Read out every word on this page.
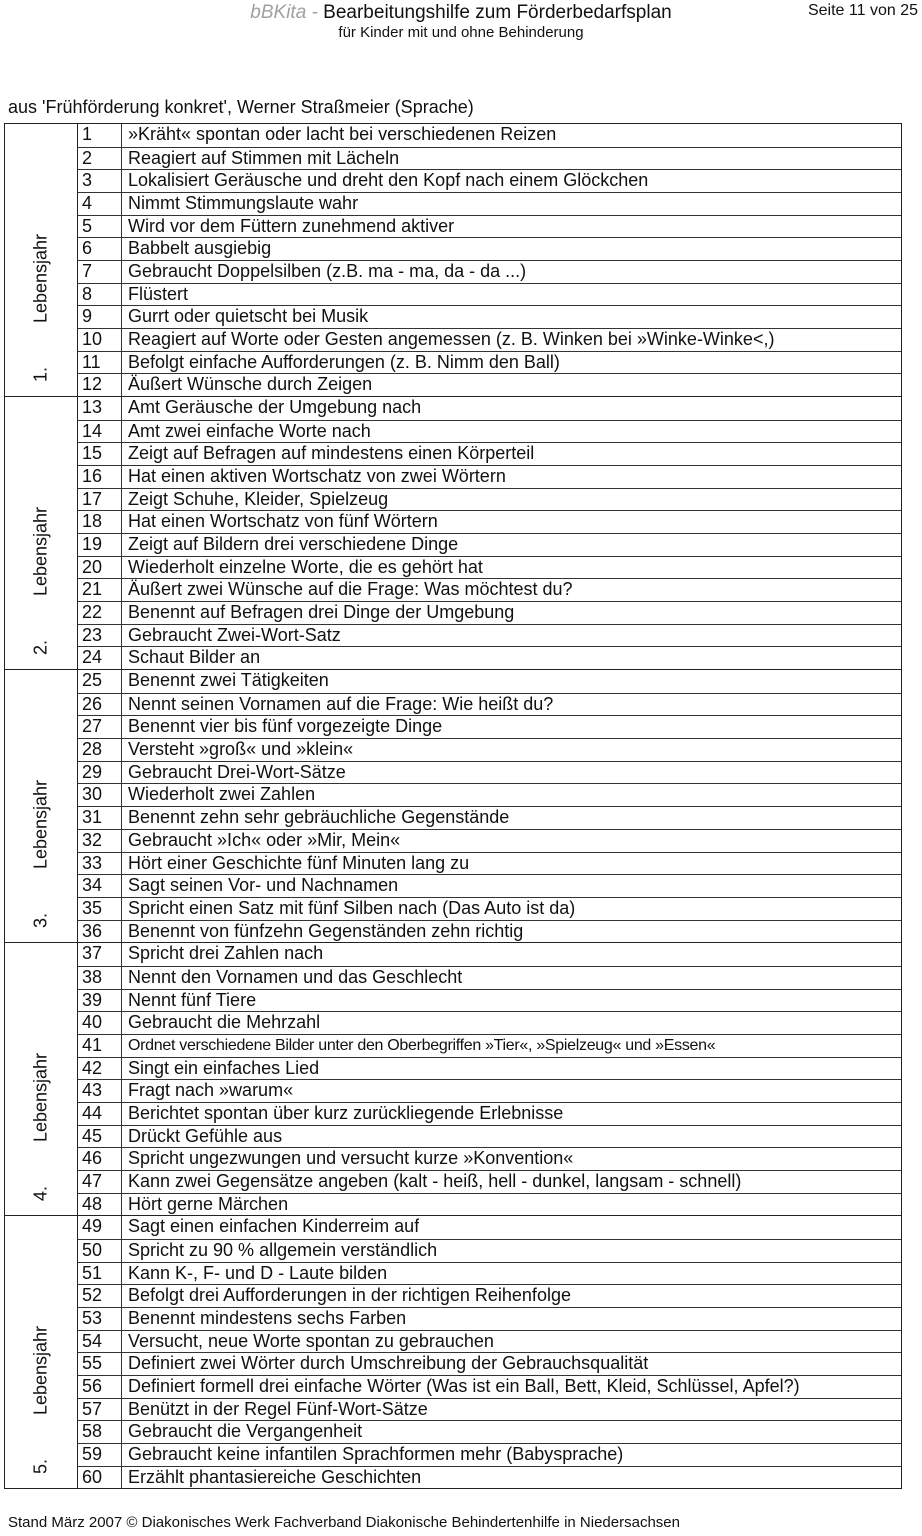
bBKita - Bearbeitungshilfe zum Förderbedarfsplan
für Kinder mit und ohne Behinderung
Seite 11 von 25
aus 'Frühförderung konkret', Werner Straßmeier (Sprache)
1.
Lebensjahr
1	»Kräht« spontan oder lacht bei verschiedenen Reizen
2	Reagiert auf Stimmen mit Lächeln
3	Lokalisiert Geräusche und dreht den Kopf nach einem Glöckchen
4	Nimmt Stimmungslaute wahr
5	Wird vor dem Füttern zunehmend aktiver
6	Babbelt ausgiebig
7	Gebraucht Doppelsilben (z.B. ma - ma, da - da ...)
8	Flüstert
9	Gurrt oder quietscht bei Musik
10	Reagiert auf Worte oder Gesten angemessen (z. B. Winken bei »Winke-Winke<,)
11	Befolgt einfache Aufforderungen (z. B. Nimm den Ball)
12	Äußert Wünsche durch Zeigen
2.
Lebensjahr
13	Amt Geräusche der Umgebung nach
14	Amt zwei einfache Worte nach
15	Zeigt auf Befragen auf mindestens einen Körperteil
16	Hat einen aktiven Wortschatz von zwei Wörtern
17	Zeigt Schuhe, Kleider, Spielzeug
18	Hat einen Wortschatz von fünf Wörtern
19	Zeigt auf Bildern drei verschiedene Dinge
20	Wiederholt einzelne Worte, die es gehört hat
21	Äußert zwei Wünsche auf die Frage: Was möchtest du?
22	Benennt auf Befragen drei Dinge der Umgebung
23	Gebraucht Zwei-Wort-Satz
24	Schaut Bilder an
3.
Lebensjahr
25	Benennt zwei Tätigkeiten
26	Nennt seinen Vornamen auf die Frage: Wie heißt du?
27	Benennt vier bis fünf vorgezeigte Dinge
28	Versteht »groß« und »klein«
29	Gebraucht Drei-Wort-Sätze
30	Wiederholt zwei Zahlen
31	Benennt zehn sehr gebräuchliche Gegenstände
32	Gebraucht »Ich« oder »Mir, Mein«
33	Hört einer Geschichte fünf Minuten lang zu
34	Sagt seinen Vor- und Nachnamen
35	Spricht einen Satz mit fünf Silben nach (Das Auto ist da)
36	Benennt von fünfzehn Gegenständen zehn richtig
4.
Lebensjahr
37	Spricht drei Zahlen nach
38	Nennt den Vornamen und das Geschlecht
39	Nennt fünf Tiere
40	Gebraucht die Mehrzahl
41	Ordnet verschiedene Bilder unter den Oberbegriffen »Tier«, »Spielzeug« und »Essen«
42	Singt ein einfaches Lied
43	Fragt nach »warum«
44	Berichtet spontan über kurz zurückliegende Erlebnisse
45	Drückt Gefühle aus
46	Spricht ungezwungen und versucht kurze »Konvention«
47	Kann zwei Gegensätze angeben (kalt - heiß, hell - dunkel, langsam - schnell)
48	Hört gerne Märchen
5.
Lebensjahr
49	Sagt einen einfachen Kinderreim auf
50	Spricht zu 90 % allgemein verständlich
51	Kann K-, F- und D - Laute bilden
52	Befolgt drei Aufforderungen in der richtigen Reihenfolge
53	Benennt mindestens sechs Farben
54	Versucht, neue Worte spontan zu gebrauchen
55	Definiert zwei Wörter durch Umschreibung der Gebrauchsqualität
56	Definiert formell drei einfache Wörter (Was ist ein Ball, Bett, Kleid, Schlüssel, Apfel?)
57	Benützt in der Regel Fünf-Wort-Sätze
58	Gebraucht die Vergangenheit
59	Gebraucht keine infantilen Sprachformen mehr (Babysprache)
60	Erzählt phantasiereiche Geschichten
Stand März 2007 © Diakonisches Werk Fachverband Diakonische Behindertenhilfe in Niedersachsen
